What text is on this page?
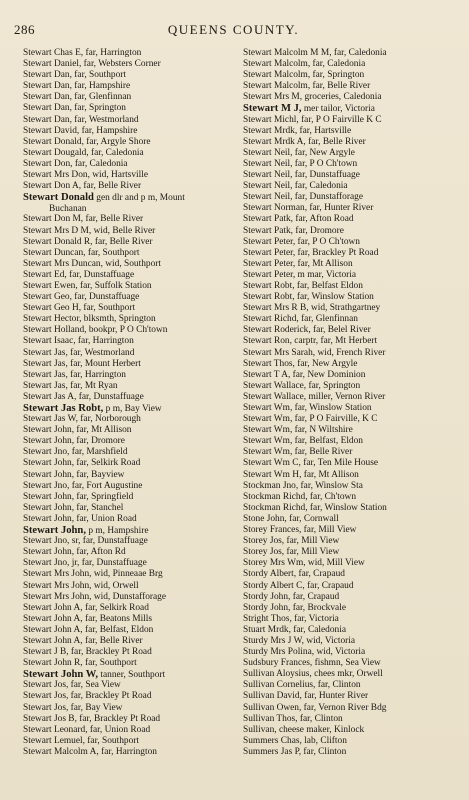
286	QUEENS COUNTY.
Stewart Chas E, far, Harrington
Stewart Daniel, far, Websters Corner
Stewart Dan, far, Southport
Stewart Dan, far, Hampshire
Stewart Dan, far, Glenfinnan
Stewart Dan, far, Springton
Stewart Dan, far, Westmorland
Stewart David, far, Hampshire
Stewart Donald, far, Argyle Shore
Stewart Dougald, far, Caledonia
Stewart Don, far, Caledonia
Stewart Mrs Don, wid, Hartsville
Stewart Don A, far, Belle River
Stewart Donald gen dlr and p m, Mount
Buchanan
Stewart Don M, far, Belle River
Stewart Mrs D M, wid, Belle River
Stewart Donald R, far, Belle River
Stewart Duncan, far, Southport
Stewart Mrs Duncan, wid, Southport
Stewart Ed, far, Dunstaffuage
Stewart Ewen, far, Suffolk Station
Stewart Geo, far, Dunstaffuage
Stewart Geo H, far, Southport
Stewart Hector, blksmth, Springton
Stewart Holland, bookpr, P O Ch'town
Stewart Isaac, far, Harrington
Stewart Jas, far, Westmorland
Stewart Jas, far, Mount Herbert
Stewart Jas, far, Harrington
Stewart Jas, far, Mt Ryan
Stewart Jas A, far, Dunstaffuage
Stewart Jas Robt, p m, Bay View
Stewart Jas W, far, Norborough
Stewart John, far, Mt Allison
Stewart John, far, Dromore
Stewart Jno, far, Marshfield
Stewart John, far, Selkirk Road
Stewart John, far, Bayview
Stewart Jno, far, Fort Augustine
Stewart John, far, Springfield
Stewart John, far, Stanchel
Stewart John, far, Union Road
Stewart John, p m, Hampshire
Stewart Jno, sr, far, Dunstaffuage
Stewart John, far, Afton Rd
Stewart Jno, jr, far, Dunstaffuage
Stewart Mrs John, wid, Pinneaae Brg
Stewart Mrs John, wid, Orwell
Stewart Mrs John, wid, Dunstafforage
Stewart John A, far, Selkirk Road
Stewart John A, far, Beatons Mills
Stewart John A, far, Belfast, Eldon
Stewart John A, far, Belle River
Stewart J B, far, Brackley Pt Road
Stewart John R, far, Southport
Stewart John W, tanner, Southport
Stewart Jos, far, Sea View
Stewart Jos, far, Brackley Pt Road
Stewart Jos, far, Bay View
Stewart Jos B, far, Brackley Pt Road
Stewart Leonard, far, Union Road
Stewart Lemuel, far, Southport
Stewart Malcolm A, far, Harrington
Stewart Malcolm M M, far, Caledonia
Stewart Malcolm, far, Caledonia
Stewart Malcolm, far, Springton
Stewart Malcolm, far, Belle River
Stewart Mrs M, groceries, Caledonia
Stewart M J, mer tailor, Victoria
Stewart Michl, far, P O Fairville K C
Stewart Mrdk, far, Hartsville
Stewart Mrdk A, far, Belle River
Stewart Neil, far, New Argyle
Stewart Neil, far, P O Ch'town
Stewart Neil, far, Dunstaffuage
Stewart Neil, far, Caledonia
Stewart Neil, far, Dunstafforage
Stewart Norman, far, Hunter River
Stewart Patk, far, Afton Road
Stewart Patk, far, Dromore
Stewart Peter, far, P O Ch'town
Stewart Peter, far, Brackley Pt Road
Stewart Peter, far, Mt Allison
Stewart Peter, m mar, Victoria
Stewart Robt, far, Belfast Eldon
Stewart Robt, far, Winslow Station
Stewart Mrs R B, wid, Strathgartney
Stewart Richd, far, Glenfinnan
Stewart Roderick, far, Belel River
Stewart Ron, carptr, far, Mt Herbert
Stewart Mrs Sarah, wid, French River
Stewart Thos, far, New Argyle
Stewart T A, far, New Dominion
Stewart Wallace, far, Springton
Stewart Wallace, miller, Vernon River
Stewart Wm, far, Winslow Station
Stewart Wm, far, P O Fairville, K C
Stewart Wm, far, N Wiltshire
Stewart Wm, far, Belfast, Eldon
Stewart Wm, far, Belle River
Stewart Wm C, far, Ten Mile House
Stewart Wm H, far, Mt Allison
Stockman Jno, far, Winslow Sta
Stockman Richd, far, Ch'town
Stockman Richd, far, Winslow Station
Stone John, far, Cornwall
Storey Frances, far, Mill View
Storey Jos, far, Mill View
Storey Jos, far, Mill View
Storey Mrs Wm, wid, Mill View
Stordy Albert, far, Crapaud
Stordy Albert C, far, Crapaud
Stordy John, far, Crapaud
Stordy John, far, Brockvale
Stright Thos, far, Victoria
Stuart Mrdk, far, Caledonia
Sturdy Mrs J W, wid, Victoria
Sturdy Mrs Polina, wid, Victoria
Sudsbury Frances, fishmn, Sea View
Sullivan Aloysius, chees mkr, Orwell
Sullivan Cornelius, far, Clinton
Sullivan David, far, Hunter River
Sullivan Owen, far, Vernon River Bdg
Sullivan Thos, far, Clinton
Sullivan, cheese maker, Kinlock
Summers Chas, lab, Clifton
Summers Jas P, far, Clinton
